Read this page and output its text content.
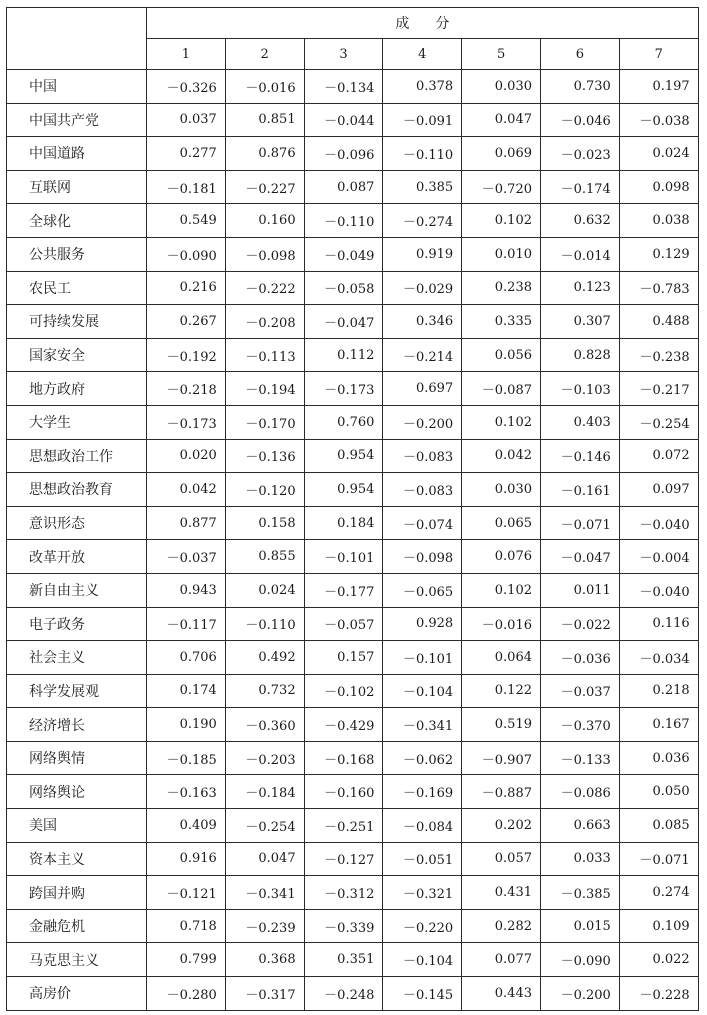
	成 分						
	1	2	3	4	5	6	7
中国	－0.326	－0.016	－0.134	0.378	0.030	0.730	0.197
中国共产党	0.037	0.851	－0.044	－0.091	0.047	－0.046	－0.038
中国道路	0.277	0.876	－0.096	－0.110	0.069	－0.023	0.024
互联网	－0.181	－0.227	0.087	0.385	－0.720	－0.174	0.098
全球化	0.549	0.160	－0.110	－0.274	0.102	0.632	0.038
公共服务	－0.090	－0.098	－0.049	0.919	0.010	－0.014	0.129
农民工	0.216	－0.222	－0.058	－0.029	0.238	0.123	－0.783
可持续发展	0.267	－0.208	－0.047	0.346	0.335	0.307	0.488
国家安全	－0.192	－0.113	0.112	－0.214	0.056	0.828	－0.238
地方政府	－0.218	－0.194	－0.173	0.697	－0.087	－0.103	－0.217
大学生	－0.173	－0.170	0.760	－0.200	0.102	0.403	－0.254
思想政治工作	0.020	－0.136	0.954	－0.083	0.042	－0.146	0.072
思想政治教育	0.042	－0.120	0.954	－0.083	0.030	－0.161	0.097
意识形态	0.877	0.158	0.184	－0.074	0.065	－0.071	－0.040
改革开放	－0.037	0.855	－0.101	－0.098	0.076	－0.047	－0.004
新自由主义	0.943	0.024	－0.177	－0.065	0.102	0.011	－0.040
电子政务	－0.117	－0.110	－0.057	0.928	－0.016	－0.022	0.116
社会主义	0.706	0.492	0.157	－0.101	0.064	－0.036	－0.034
科学发展观	0.174	0.732	－0.102	－0.104	0.122	－0.037	0.218
经济增长	0.190	－0.360	－0.429	－0.341	0.519	－0.370	0.167
网络舆情	－0.185	－0.203	－0.168	－0.062	－0.907	－0.133	0.036
网络舆论	－0.163	－0.184	－0.160	－0.169	－0.887	－0.086	0.050
美国	0.409	－0.254	－0.251	－0.084	0.202	0.663	0.085
资本主义	0.916	0.047	－0.127	－0.051	0.057	0.033	－0.071
跨国并购	－0.121	－0.341	－0.312	－0.321	0.431	－0.385	0.274
金融危机	0.718	－0.239	－0.339	－0.220	0.282	0.015	0.109
马克思主义	0.799	0.368	0.351	－0.104	0.077	－0.090	0.022
高房价	－0.280	－0.317	－0.248	－0.145	0.443	－0.200	－0.228
